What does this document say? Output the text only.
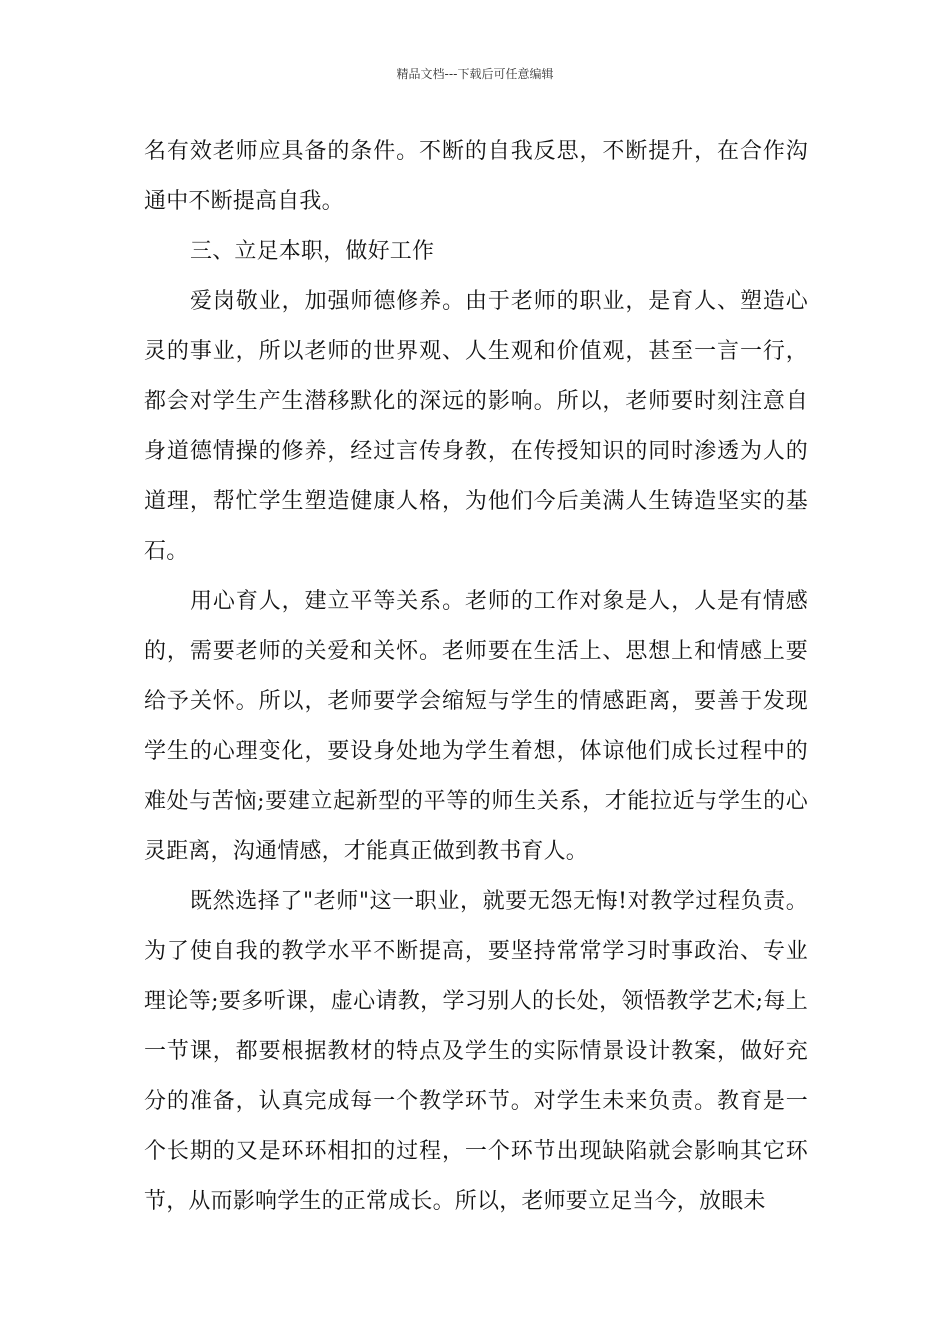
精品文档---下载后可任意编辑

名有效老师应具备的条件。不断的自我反思，不断提升，在合作沟通中不断提高自我。

三、立足本职，做好工作

爱岗敬业，加强师德修养。由于老师的职业，是育人、塑造心灵的事业，所以老师的世界观、人生观和价值观，甚至一言一行，都会对学生产生潜移默化的深远的影响。所以，老师要时刻注意自身道德情操的修养，经过言传身教，在传授知识的同时渗透为人的道理，帮忙学生塑造健康人格，为他们今后美满人生铸造坚实的基石。

用心育人，建立平等关系。老师的工作对象是人，人是有情感的，需要老师的关爱和关怀。老师要在生活上、思想上和情感上要给予关怀。所以，老师要学会缩短与学生的情感距离，要善于发现学生的心理变化，要设身处地为学生着想，体谅他们成长过程中的难处与苦恼;要建立起新型的平等的师生关系，才能拉近与学生的心灵距离，沟通情感，才能真正做到教书育人。

既然选择了"老师"这一职业，就要无怨无悔!对教学过程负责。为了使自我的教学水平不断提高，要坚持常常学习时事政治、专业理论等;要多听课，虚心请教，学习别人的长处，领悟教学艺术;每上一节课，都要根据教材的特点及学生的实际情景设计教案，做好充分的准备，认真完成每一个教学环节。对学生未来负责。教育是一个长期的又是环环相扣的过程，一个环节出现缺陷就会影响其它环节，从而影响学生的正常成长。所以，老师要立足当今，放眼未
